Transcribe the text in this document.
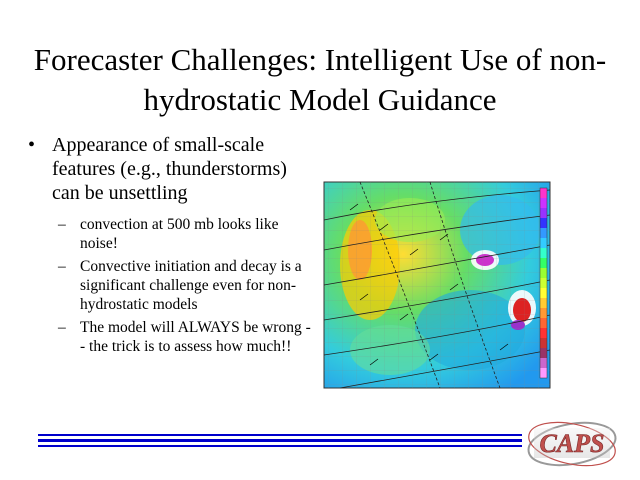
Forecaster Challenges: Intelligent Use of non-hydrostatic Model Guidance
• Appearance of small-scale features (e.g., thunderstorms) can be unsettling
– convection at 500 mb looks like noise!
– Convective initiation and decay is a significant challenge even for non-hydrostatic models
– The model will ALWAYS be wrong -- the trick is to assess how much!!
CAPS
